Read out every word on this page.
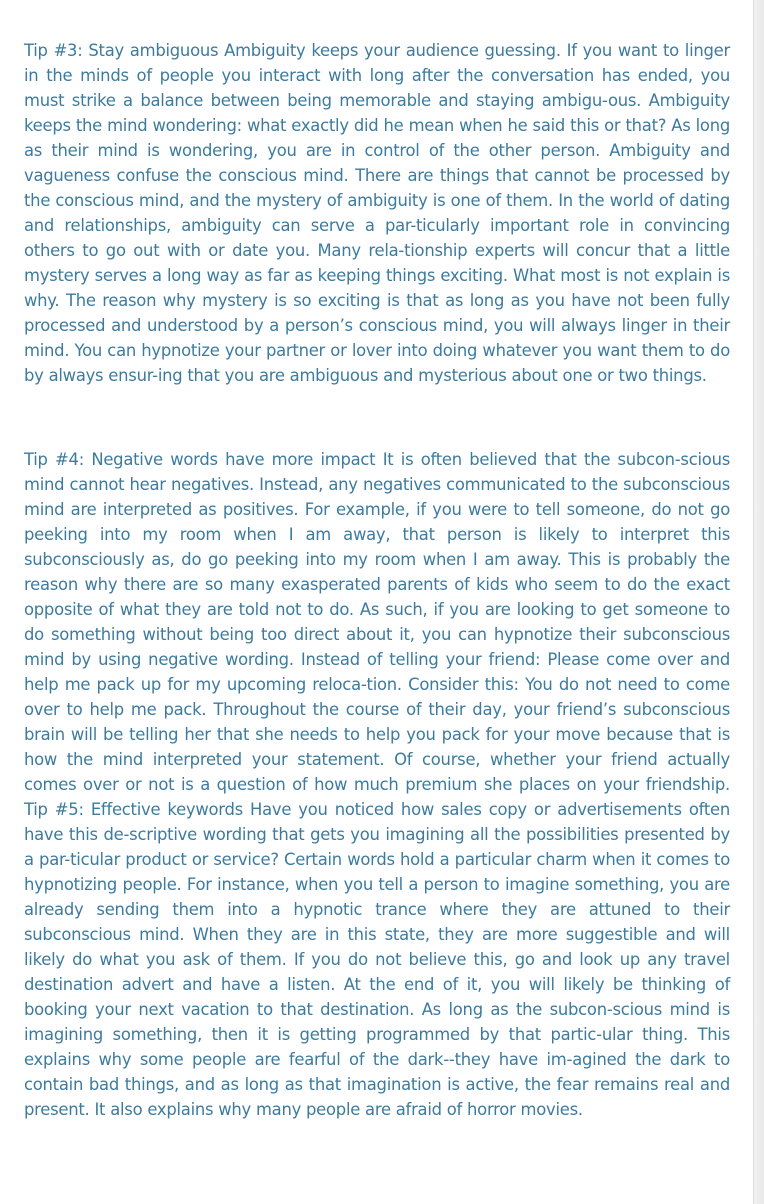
Tip #3: Stay ambiguous Ambiguity keeps your audience guessing. If you want to linger in the minds of people you interact with long after the conversation has ended, you must strike a balance between being memorable and staying ambigu-ous. Ambiguity keeps the mind wondering: what exactly did he mean when he said this or that? As long as their mind is wondering, you are in control of the other person. Ambiguity and vagueness confuse the conscious mind. There are things that cannot be processed by the conscious mind, and the mystery of ambiguity is one of them. In the world of dating and relationships, ambiguity can serve a par-ticularly important role in convincing others to go out with or date you. Many rela-tionship experts will concur that a little mystery serves a long way as far as keeping things exciting. What most is not explain is why. The reason why mystery is so exciting is that as long as you have not been fully processed and understood by a person’s conscious mind, you will always linger in their mind. You can hypnotize your partner or lover into doing whatever you want them to do by always ensur-ing that you are ambiguous and mysterious about one or two things.

Tip #4: Negative words have more impact It is often believed that the subcon-scious mind cannot hear negatives. Instead, any negatives communicated to the subconscious mind are interpreted as positives. For example, if you were to tell someone, do not go peeking into my room when I am away, that person is likely to interpret this subconsciously as, do go peeking into my room when I am away. This is probably the reason why there are so many exasperated parents of kids who seem to do the exact opposite of what they are told not to do. As such, if you are looking to get someone to do something without being too direct about it, you can hypnotize their subconscious mind by using negative wording. Instead of telling your friend: Please come over and help me pack up for my upcoming reloca-tion. Consider this: You do not need to come over to help me pack. Throughout the course of their day, your friend’s subconscious brain will be telling her that she needs to help you pack for your move because that is how the mind interpreted your statement. Of course, whether your friend actually comes over or not is a question of how much premium she places on your friendship. Tip #5: Effective keywords Have you noticed how sales copy or advertisements often have this de-scriptive wording that gets you imagining all the possibilities presented by a par-ticular product or service? Certain words hold a particular charm when it comes to hypnotizing people. For instance, when you tell a person to imagine something, you are already sending them into a hypnotic trance where they are attuned to their subconscious mind. When they are in this state, they are more suggestible and will likely do what you ask of them. If you do not believe this, go and look up any travel destination advert and have a listen. At the end of it, you will likely be thinking of booking your next vacation to that destination. As long as the subcon-scious mind is imagining something, then it is getting programmed by that partic-ular thing. This explains why some people are fearful of the dark--they have im-agined the dark to contain bad things, and as long as that imagination is active, the fear remains real and present. It also explains why many people are afraid of horror movies.
